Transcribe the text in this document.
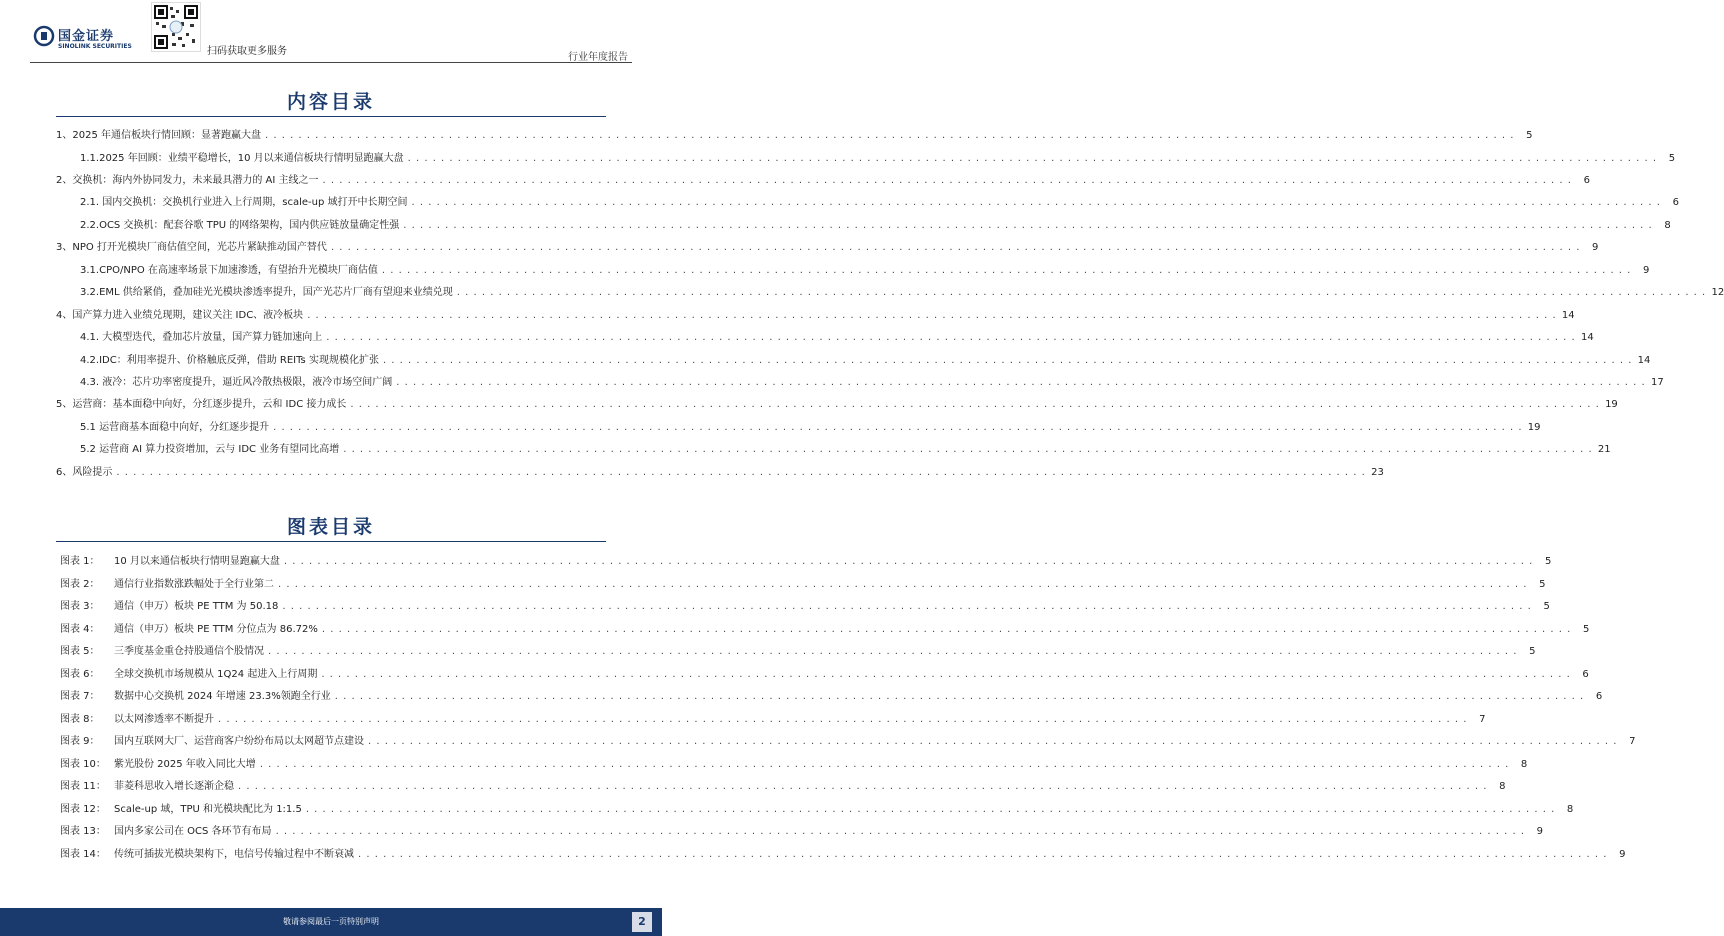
国金证券
SINOLINK SECURITIES	扫码获取更多服务
行业年度报告
内容目录
1、2025 年通信板块行情回顾：显著跑赢大盘 . . . . . . . . . . . . . . . . . . . . . . . . . . . . . . . . . . . . . . . . . . . . . . . . . . . . . . . . . . . . . . . . . . . . . . . . . . . . . . . . . . . . . . . . . . . . . . . . . . . . . . . . . . . . . . . . . . . . . . . . . . . . . . . . . . . . . . . . . . . . . . . . . . . . . .	5
1.1.2025 年回顾：业绩平稳增长，10 月以来通信板块行情明显跑赢大盘 . . . . . . . . . . . . . . . . . . . . . . . . . . . . . . . . . . . . . . . . . . . . . . . . . . . . . . . . . . . . . . . . . . . . . . . . . . . . . . . . . . . . . . . . . . . . . . . . . . . . . . . . . . . . . . . . . . . . . . . . . . . . . . . . . . . . . . . . . . . . . . . . . . . . . .	5
2、交换机：海内外协同发力，未来最具潜力的 AI 主线之一 . . . . . . . . . . . . . . . . . . . . . . . . . . . . . . . . . . . . . . . . . . . . . . . . . . . . . . . . . . . . . . . . . . . . . . . . . . . . . . . . . . . . . . . . . . . . . . . . . . . . . . . . . . . . . . . . . . . . . . . . . . . . . . . . . . . . . . . . . . . . . . . . . . . . . .	6
2.1. 国内交换机：交换机行业进入上行周期，scale-up 域打开中长期空间 . . . . . . . . . . . . . . . . . . . . . . . . . . . . . . . . . . . . . . . . . . . . . . . . . . . . . . . . . . . . . . . . . . . . . . . . . . . . . . . . . . . . . . . . . . . . . . . . . . . . . . . . . . . . . . . . . . . . . . . . . . . . . . . . . . . . . . . . . . . . . . . . . . . . . .	6
2.2.OCS 交换机：配套谷歌 TPU 的网络架构，国内供应链放量确定性强 . . . . . . . . . . . . . . . . . . . . . . . . . . . . . . . . . . . . . . . . . . . . . . . . . . . . . . . . . . . . . . . . . . . . . . . . . . . . . . . . . . . . . . . . . . . . . . . . . . . . . . . . . . . . . . . . . . . . . . . . . . . . . . . . . . . . . . . . . . . . . . . . . . . . . .	8
3、NPO 打开光模块厂商估值空间，光芯片紧缺推动国产替代 . . . . . . . . . . . . . . . . . . . . . . . . . . . . . . . . . . . . . . . . . . . . . . . . . . . . . . . . . . . . . . . . . . . . . . . . . . . . . . . . . . . . . . . . . . . . . . . . . . . . . . . . . . . . . . . . . . . . . . . . . . . . . . . . . . . . . . . . . . . . . . . . . . . . . .	9
3.1.CPO/NPO 在高速率场景下加速渗透，有望抬升光模块厂商估值 . . . . . . . . . . . . . . . . . . . . . . . . . . . . . . . . . . . . . . . . . . . . . . . . . . . . . . . . . . . . . . . . . . . . . . . . . . . . . . . . . . . . . . . . . . . . . . . . . . . . . . . . . . . . . . . . . . . . . . . . . . . . . . . . . . . . . . . . . . . . . . . . . . . . . .	9
3.2.EML 供给紧俏，叠加硅光光模块渗透率提升，国产光芯片厂商有望迎来业绩兑现 . . . . . . . . . . . . . . . . . . . . . . . . . . . . . . . . . . . . . . . . . . . . . . . . . . . . . . . . . . . . . . . . . . . . . . . . . . . . . . . . . . . . . . . . . . . . . . . . . . . . . . . . . . . . . . . . . . . . . . . . . . . . . . . . . . . . . . . . . . . . . . . . . . . . . . 12
4、国产算力进入业绩兑现期，建议关注 IDC、液冷板块 . . . . . . . . . . . . . . . . . . . . . . . . . . . . . . . . . . . . . . . . . . . . . . . . . . . . . . . . . . . . . . . . . . . . . . . . . . . . . . . . . . . . . . . . . . . . . . . . . . . . . . . . . . . . . . . . . . . . . . . . . . . . . . . . . . . . . . . . . . . . . . . . . . . . . . 14
4.1. 大模型迭代，叠加芯片放量，国产算力链加速向上 . . . . . . . . . . . . . . . . . . . . . . . . . . . . . . . . . . . . . . . . . . . . . . . . . . . . . . . . . . . . . . . . . . . . . . . . . . . . . . . . . . . . . . . . . . . . . . . . . . . . . . . . . . . . . . . . . . . . . . . . . . . . . . . . . . . . . . . . . . . . . . . . . . . . . . 14
4.2.IDC：利用率提升、价格触底反弹，借助 REITs 实现规模化扩张 . . . . . . . . . . . . . . . . . . . . . . . . . . . . . . . . . . . . . . . . . . . . . . . . . . . . . . . . . . . . . . . . . . . . . . . . . . . . . . . . . . . . . . . . . . . . . . . . . . . . . . . . . . . . . . . . . . . . . . . . . . . . . . . . . . . . . . . . . . . . . . . . . . . . . . 14
4.3. 液冷：芯片功率密度提升，逼近风冷散热极限，液冷市场空间广阔 . . . . . . . . . . . . . . . . . . . . . . . . . . . . . . . . . . . . . . . . . . . . . . . . . . . . . . . . . . . . . . . . . . . . . . . . . . . . . . . . . . . . . . . . . . . . . . . . . . . . . . . . . . . . . . . . . . . . . . . . . . . . . . . . . . . . . . . . . . . . . . . . . . . . . . 17
5、运营商：基本面稳中向好，分红逐步提升，云和 IDC 接力成长 . . . . . . . . . . . . . . . . . . . . . . . . . . . . . . . . . . . . . . . . . . . . . . . . . . . . . . . . . . . . . . . . . . . . . . . . . . . . . . . . . . . . . . . . . . . . . . . . . . . . . . . . . . . . . . . . . . . . . . . . . . . . . . . . . . . . . . . . . . . . . . . . . . . . . . 19
5.1 运营商基本面稳中向好，分红逐步提升 . . . . . . . . . . . . . . . . . . . . . . . . . . . . . . . . . . . . . . . . . . . . . . . . . . . . . . . . . . . . . . . . . . . . . . . . . . . . . . . . . . . . . . . . . . . . . . . . . . . . . . . . . . . . . . . . . . . . . . . . . . . . . . . . . . . . . . . . . . . . . . . . . . . . . . 19
5.2 运营商 AI 算力投资增加，云与 IDC 业务有望同比高增 . . . . . . . . . . . . . . . . . . . . . . . . . . . . . . . . . . . . . . . . . . . . . . . . . . . . . . . . . . . . . . . . . . . . . . . . . . . . . . . . . . . . . . . . . . . . . . . . . . . . . . . . . . . . . . . . . . . . . . . . . . . . . . . . . . . . . . . . . . . . . . . . . . . . . . 21
6、风险提示 . . . . . . . . . . . . . . . . . . . . . . . . . . . . . . . . . . . . . . . . . . . . . . . . . . . . . . . . . . . . . . . . . . . . . . . . . . . . . . . . . . . . . . . . . . . . . . . . . . . . . . . . . . . . . . . . . . . . . . . . . . . . . . . . . . . . . . . . . . . . . . . . . . . . . . 23
图表目录
图表 1：	10 月以来通信板块行情明显跑赢大盘 . . . . . . . . . . . . . . . . . . . . . . . . . . . . . . . . . . . . . . . . . . . . . . . . . . . . . . . . . . . . . . . . . . . . . . . . . . . . . . . . . . . . . . . . . . . . . . . . . . . . . . . . . . . . . . . . . . . . . . . . . . . . . . . . . . . . . . . . . . . . . . . . . . . . . .	5
图表 2：	通信行业指数涨跌幅处于全行业第二 . . . . . . . . . . . . . . . . . . . . . . . . . . . . . . . . . . . . . . . . . . . . . . . . . . . . . . . . . . . . . . . . . . . . . . . . . . . . . . . . . . . . . . . . . . . . . . . . . . . . . . . . . . . . . . . . . . . . . . . . . . . . . . . . . . . . . . . . . . . . . . . . . . . . . .	5
图表 3：	通信（申万）板块 PE TTM 为 50.18 . . . . . . . . . . . . . . . . . . . . . . . . . . . . . . . . . . . . . . . . . . . . . . . . . . . . . . . . . . . . . . . . . . . . . . . . . . . . . . . . . . . . . . . . . . . . . . . . . . . . . . . . . . . . . . . . . . . . . . . . . . . . . . . . . . . . . . . . . . . . . . . . . . . . . .	5
图表 4：	通信（申万）板块 PE TTM 分位点为 86.72% . . . . . . . . . . . . . . . . . . . . . . . . . . . . . . . . . . . . . . . . . . . . . . . . . . . . . . . . . . . . . . . . . . . . . . . . . . . . . . . . . . . . . . . . . . . . . . . . . . . . . . . . . . . . . . . . . . . . . . . . . . . . . . . . . . . . . . . . . . . . . . . . . . . . . .	5
图表 5：	三季度基金重仓持股通信个股情况 . . . . . . . . . . . . . . . . . . . . . . . . . . . . . . . . . . . . . . . . . . . . . . . . . . . . . . . . . . . . . . . . . . . . . . . . . . . . . . . . . . . . . . . . . . . . . . . . . . . . . . . . . . . . . . . . . . . . . . . . . . . . . . . . . . . . . . . . . . . . . . . . . . . . . .	5
图表 6：	全球交换机市场规模从 1Q24 起进入上行周期 . . . . . . . . . . . . . . . . . . . . . . . . . . . . . . . . . . . . . . . . . . . . . . . . . . . . . . . . . . . . . . . . . . . . . . . . . . . . . . . . . . . . . . . . . . . . . . . . . . . . . . . . . . . . . . . . . . . . . . . . . . . . . . . . . . . . . . . . . . . . . . . . . . . . . .	6
图表 7：	数据中心交换机 2024 年增速 23.3%领跑全行业 . . . . . . . . . . . . . . . . . . . . . . . . . . . . . . . . . . . . . . . . . . . . . . . . . . . . . . . . . . . . . . . . . . . . . . . . . . . . . . . . . . . . . . . . . . . . . . . . . . . . . . . . . . . . . . . . . . . . . . . . . . . . . . . . . . . . . . . . . . . . . . . . . . . . . .	6
图表 8：	以太网渗透率不断提升 . . . . . . . . . . . . . . . . . . . . . . . . . . . . . . . . . . . . . . . . . . . . . . . . . . . . . . . . . . . . . . . . . . . . . . . . . . . . . . . . . . . . . . . . . . . . . . . . . . . . . . . . . . . . . . . . . . . . . . . . . . . . . . . . . . . . . . . . . . . . . . . . . . . . . .	7
图表 9：	国内互联网大厂、运营商客户纷纷布局以太网超节点建设 . . . . . . . . . . . . . . . . . . . . . . . . . . . . . . . . . . . . . . . . . . . . . . . . . . . . . . . . . . . . . . . . . . . . . . . . . . . . . . . . . . . . . . . . . . . . . . . . . . . . . . . . . . . . . . . . . . . . . . . . . . . . . . . . . . . . . . . . . . . . . . . . . . . . . .	7
图表 10： 紫光股份 2025 年收入同比大增 . . . . . . . . . . . . . . . . . . . . . . . . . . . . . . . . . . . . . . . . . . . . . . . . . . . . . . . . . . . . . . . . . . . . . . . . . . . . . . . . . . . . . . . . . . . . . . . . . . . . . . . . . . . . . . . . . . . . . . . . . . . . . . . . . . . . . . . . . . . . . . . . . . . . . .	8
图表 11： 菲菱科思收入增长逐渐企稳 . . . . . . . . . . . . . . . . . . . . . . . . . . . . . . . . . . . . . . . . . . . . . . . . . . . . . . . . . . . . . . . . . . . . . . . . . . . . . . . . . . . . . . . . . . . . . . . . . . . . . . . . . . . . . . . . . . . . . . . . . . . . . . . . . . . . . . . . . . . . . . . . . . . . . .	8
图表 12： Scale-up 域，TPU 和光模块配比为 1:1.5 . . . . . . . . . . . . . . . . . . . . . . . . . . . . . . . . . . . . . . . . . . . . . . . . . . . . . . . . . . . . . . . . . . . . . . . . . . . . . . . . . . . . . . . . . . . . . . . . . . . . . . . . . . . . . . . . . . . . . . . . . . . . . . . . . . . . . . . . . . . . . . . . . . . . . .	8
图表 13： 国内多家公司在 OCS 各环节有布局 . . . . . . . . . . . . . . . . . . . . . . . . . . . . . . . . . . . . . . . . . . . . . . . . . . . . . . . . . . . . . . . . . . . . . . . . . . . . . . . . . . . . . . . . . . . . . . . . . . . . . . . . . . . . . . . . . . . . . . . . . . . . . . . . . . . . . . . . . . . . . . . . . . . . . .	9
图表 14： 传统可插拔光模块架构下，电信号传输过程中不断衰减 . . . . . . . . . . . . . . . . . . . . . . . . . . . . . . . . . . . . . . . . . . . . . . . . . . . . . . . . . . . . . . . . . . . . . . . . . . . . . . . . . . . . . . . . . . . . . . . . . . . . . . . . . . . . . . . . . . . . . . . . . . . . . . . . . . . . . . . . . . . . . . . . . . . . . .	9
敬请参阅最后一页特别声明	2
